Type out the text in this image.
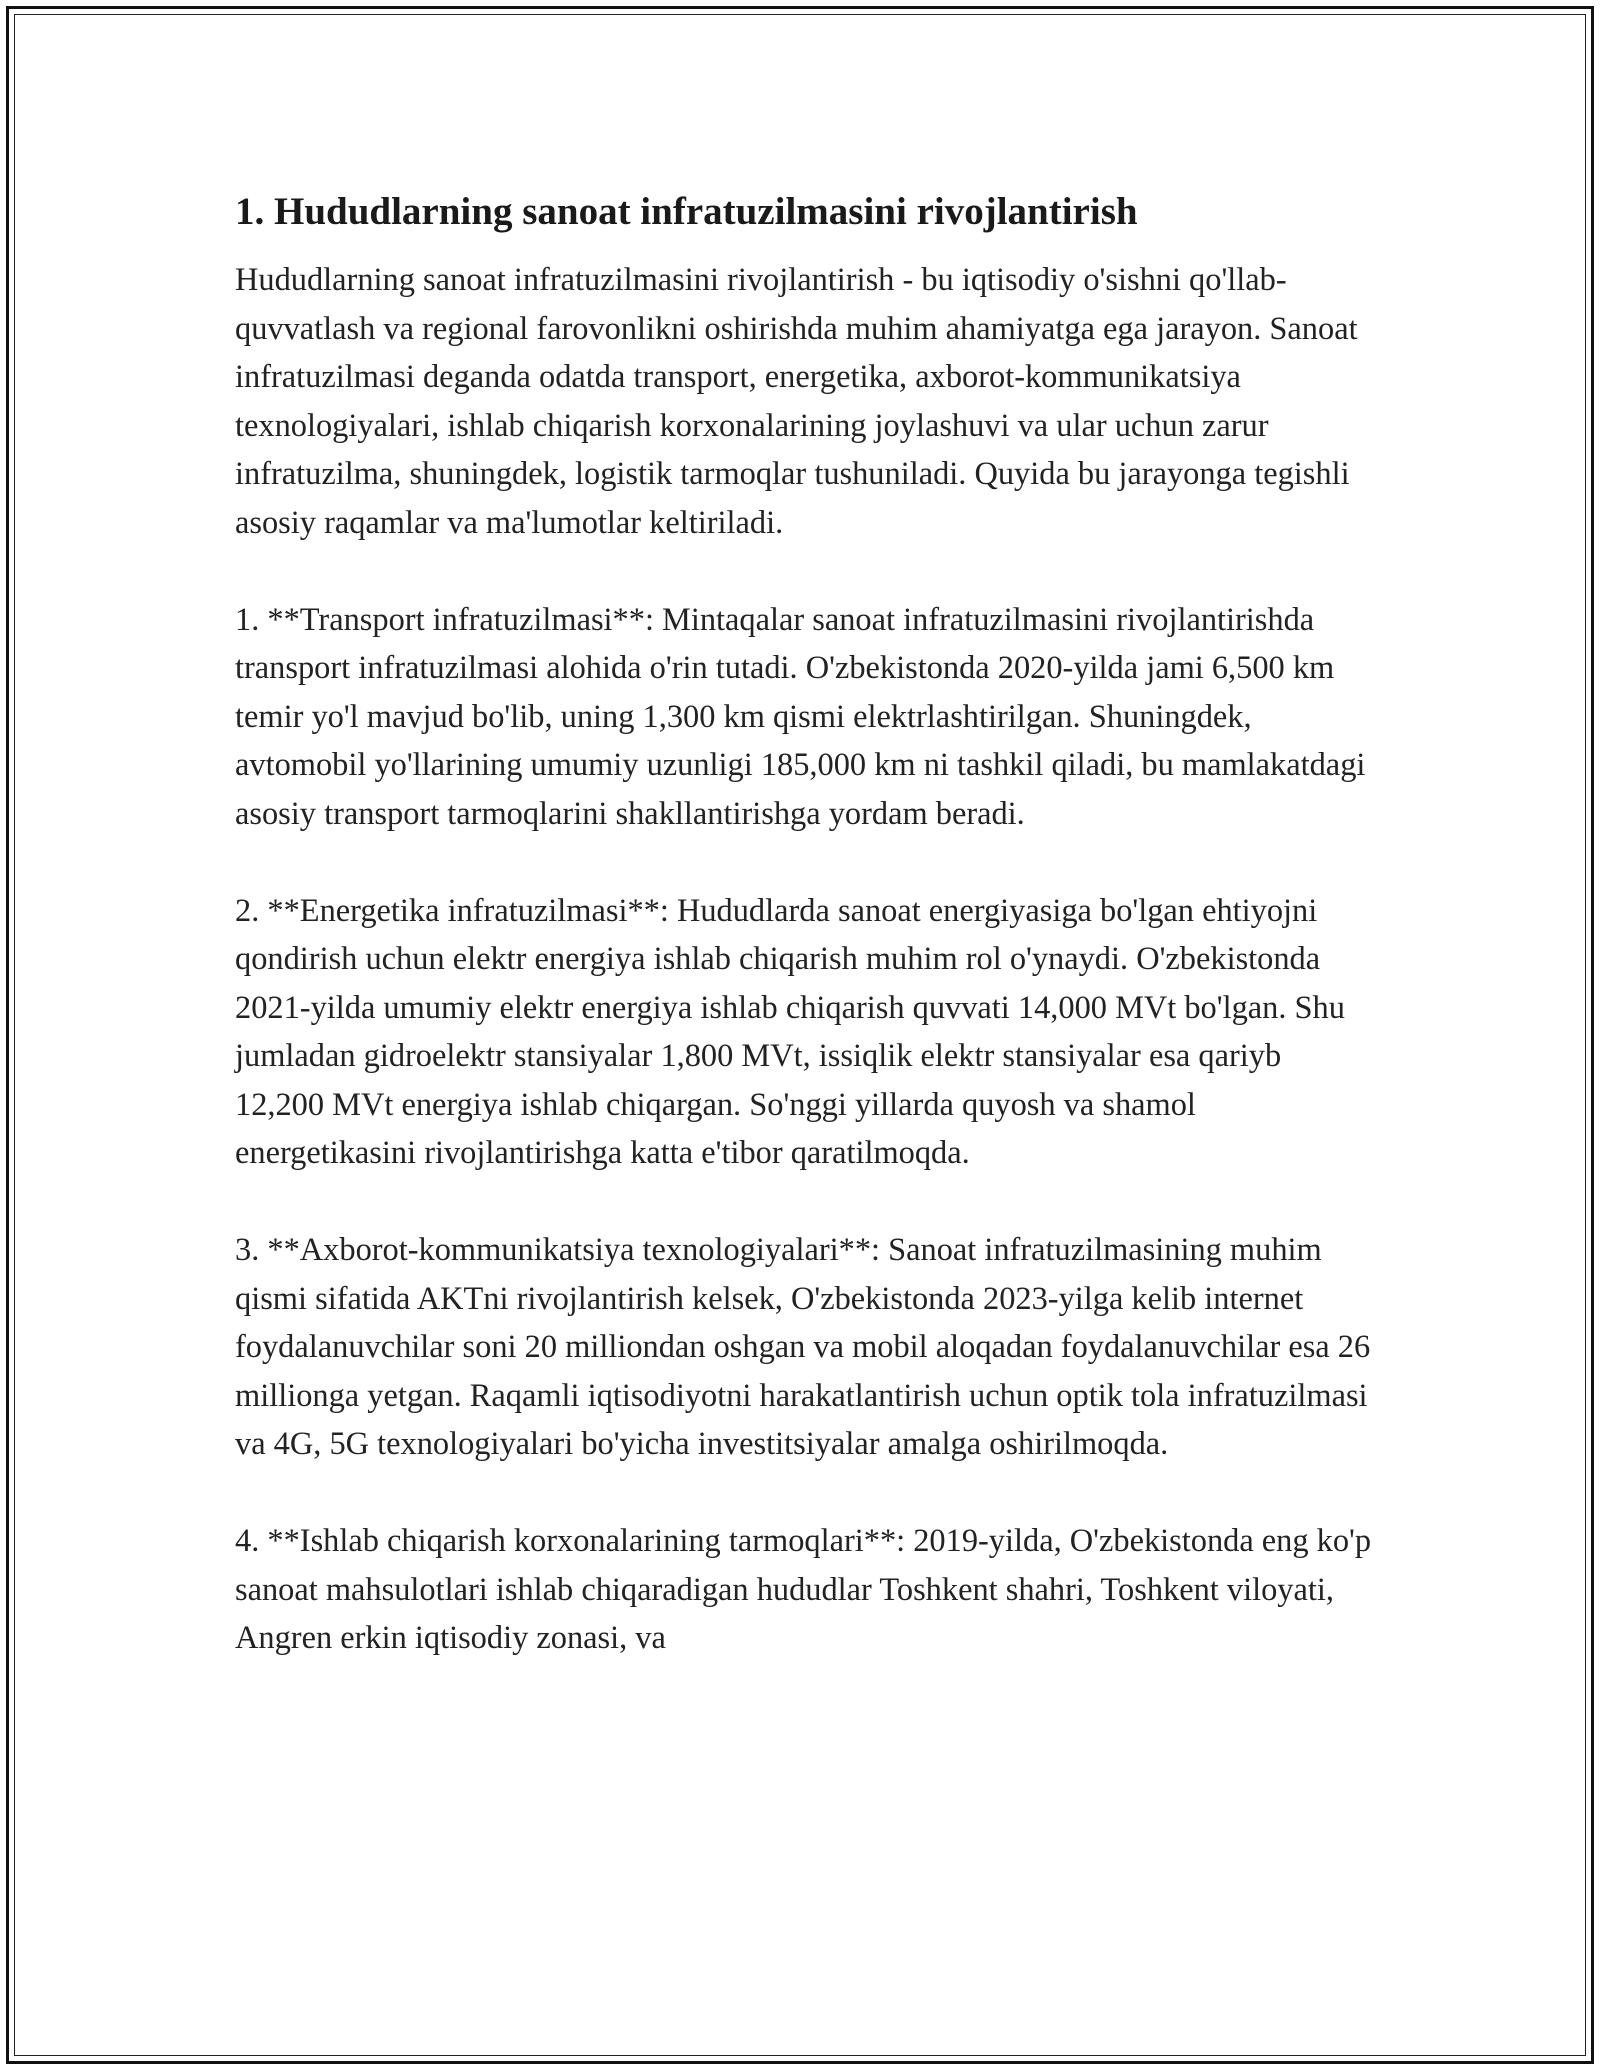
1. Hududlarning sanoat infratuzilmasini rivojlantirish

Hududlarning sanoat infratuzilmasini rivojlantirish - bu iqtisodiy o'sishni qo'llab-quvvatlash va regional farovonlikni oshirishda muhim ahamiyatga ega jarayon. Sanoat infratuzilmasi deganda odatda transport, energetika, axborot-kommunikatsiya texnologiyalari, ishlab chiqarish korxonalarining joylashuvi va ular uchun zarur infratuzilma, shuningdek, logistik tarmoqlar tushuniladi. Quyida bu jarayonga tegishli asosiy raqamlar va ma'lumotlar keltiriladi.

1. **Transport infratuzilmasi**: Mintaqalar sanoat infratuzilmasini rivojlantirishda transport infratuzilmasi alohida o'rin tutadi. O'zbekistonda 2020-yilda jami 6,500 km temir yo'l mavjud bo'lib, uning 1,300 km qismi elektrlashtirilgan. Shuningdek, avtomobil yo'llarining umumiy uzunligi 185,000 km ni tashkil qiladi, bu mamlakatdagi asosiy transport tarmoqlarini shakllantirishga yordam beradi.

2. **Energetika infratuzilmasi**: Hududlarda sanoat energiyasiga bo'lgan ehtiyojni qondirish uchun elektr energiya ishlab chiqarish muhim rol o'ynaydi. O'zbekistonda 2021-yilda umumiy elektr energiya ishlab chiqarish quvvati 14,000 MVt bo'lgan. Shu jumladan gidroelektr stansiyalar 1,800 MVt, issiqlik elektr stansiyalar esa qariyb 12,200 MVt energiya ishlab chiqargan. So'nggi yillarda quyosh va shamol energetikasini rivojlantirishga katta e'tibor qaratilmoqda.

3. **Axborot-kommunikatsiya texnologiyalari**: Sanoat infratuzilmasining muhim qismi sifatida AKTni rivojlantirish kelsek, O'zbekistonda 2023-yilga kelib internet foydalanuvchilar soni 20 milliondan oshgan va mobil aloqadan foydalanuvchilar esa 26 millionga yetgan. Raqamli iqtisodiyotni harakatlantirish uchun optik tola infratuzilmasi va 4G, 5G texnologiyalari bo'yicha investitsiyalar amalga oshirilmoqda.

4. **Ishlab chiqarish korxonalarining tarmoqlari**: 2019-yilda, O'zbekistonda eng ko'p sanoat mahsulotlari ishlab chiqaradigan hududlar Toshkent shahri, Toshkent viloyati, Angren erkin iqtisodiy zonasi, va
